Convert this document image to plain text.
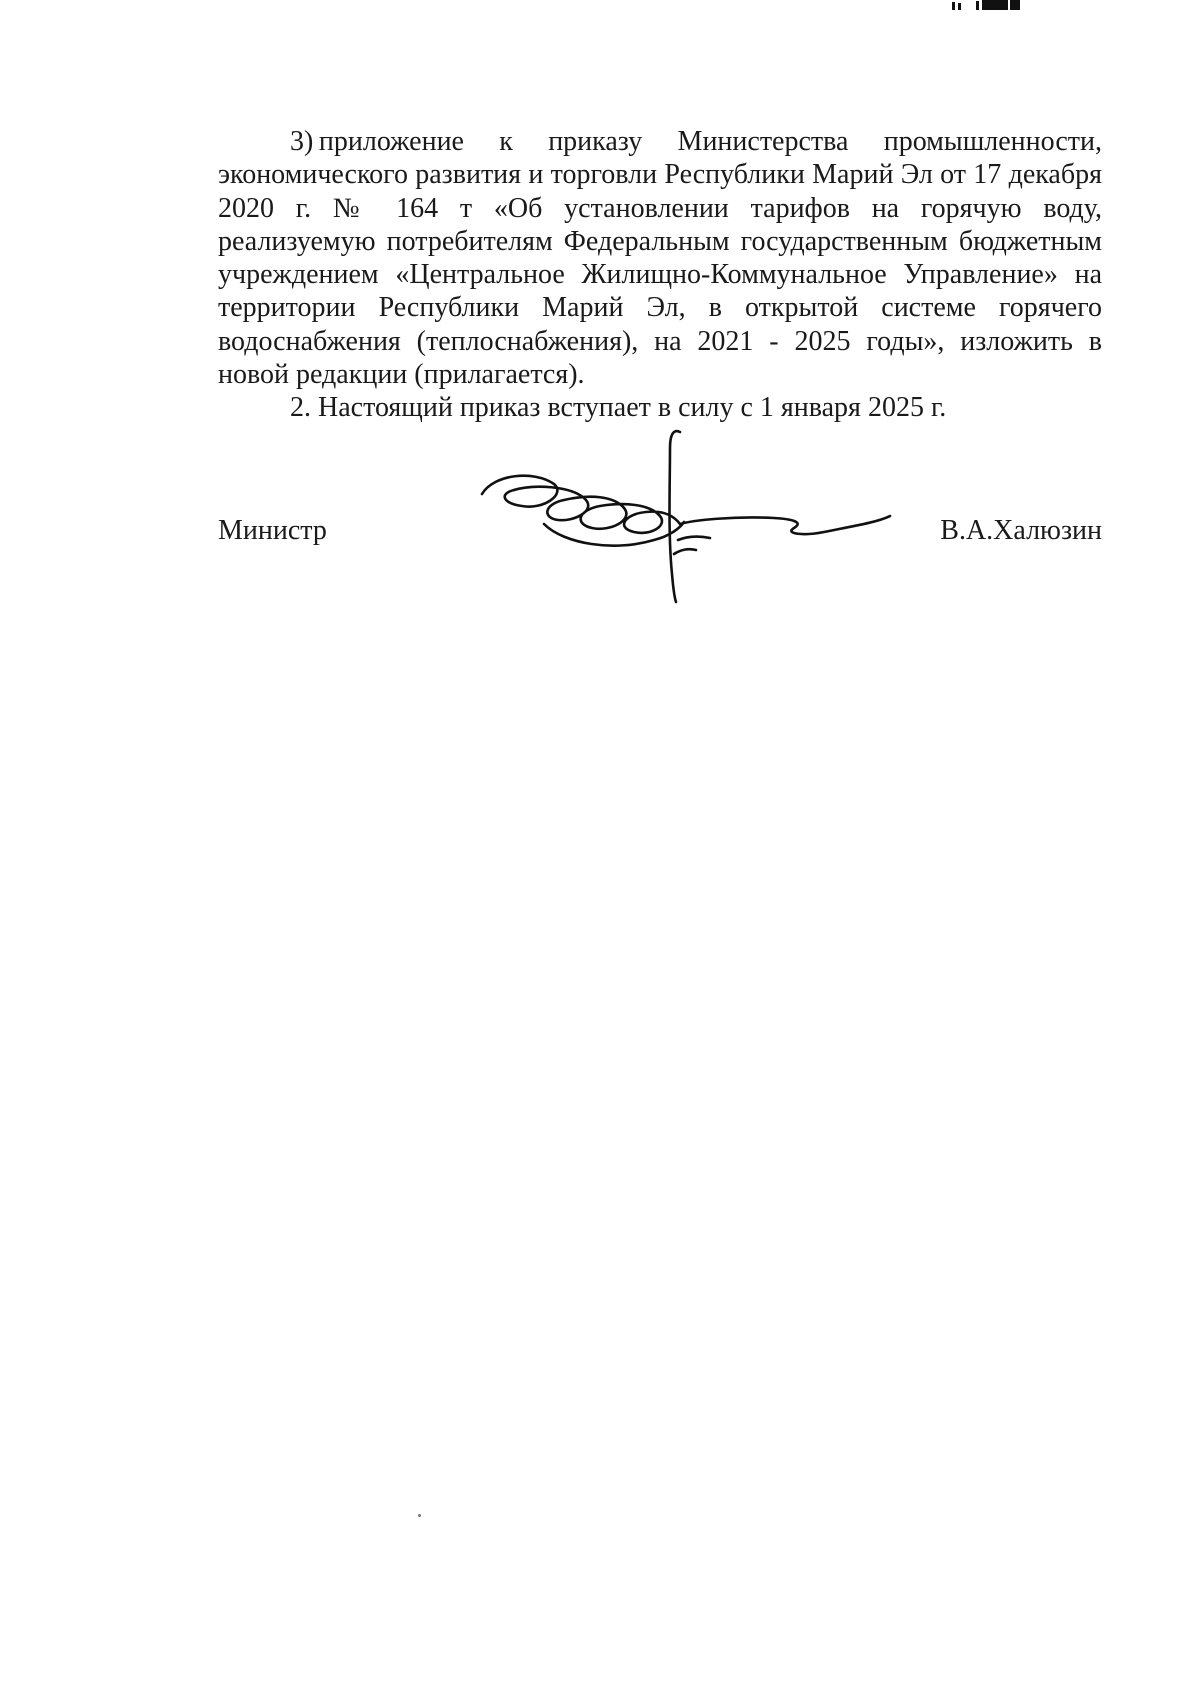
3) приложение к приказу Министерства промышленности, экономического развития и торговли Республики Марий Эл от 17 декабря 2020 г. № 164 т «Об установлении тарифов на горячую воду, реализуемую потребителям Федеральным государственным бюджетным учреждением «Центральное Жилищно-Коммунальное Управление» на территории Республики Марий Эл, в открытой системе горячего водоснабжения (теплоснабжения), на 2021 - 2025 годы», изложить в новой редакции (прилагается).

2. Настоящий приказ вступает в силу с 1 января 2025 г.

Министр	В.А.Халюзин
